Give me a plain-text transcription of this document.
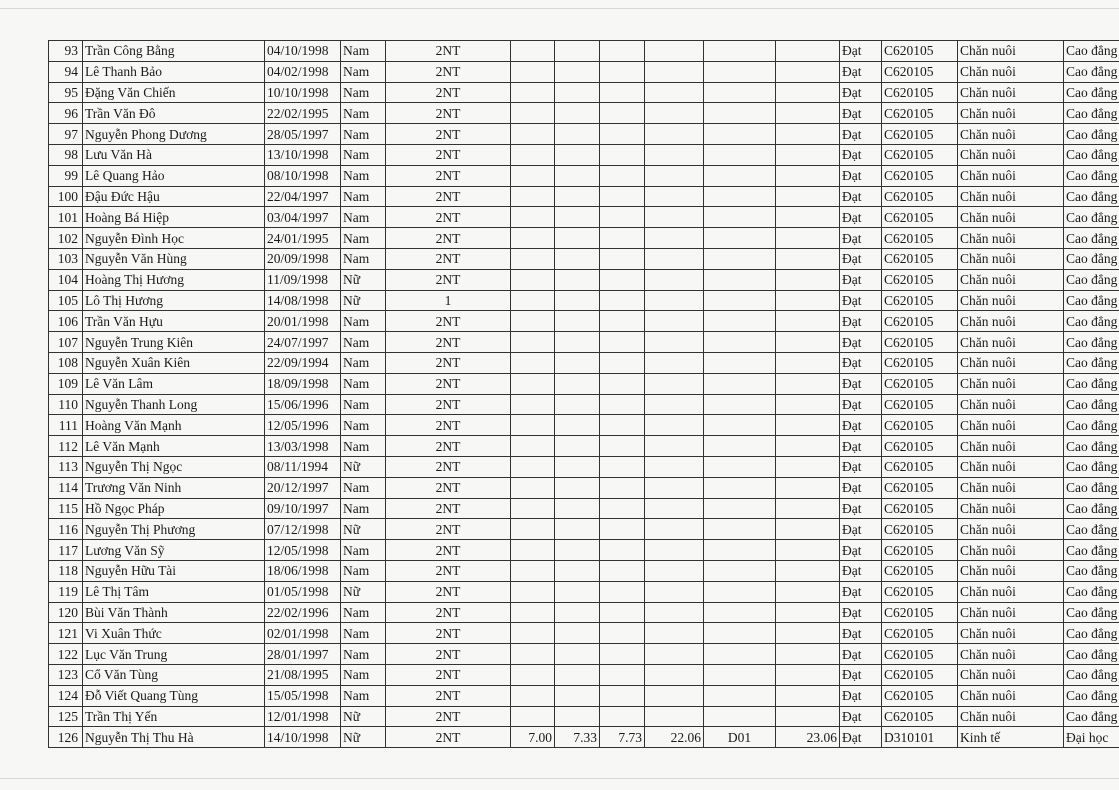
93	Trần Công Bằng	04/10/1998	Nam	2NT							Đạt	C620105	Chăn nuôi	Cao đẳng
94	Lê Thanh Bảo	04/02/1998	Nam	2NT							Đạt	C620105	Chăn nuôi	Cao đẳng
95	Đặng Văn Chiến	10/10/1998	Nam	2NT							Đạt	C620105	Chăn nuôi	Cao đẳng
96	Trần Văn Đô	22/02/1995	Nam	2NT							Đạt	C620105	Chăn nuôi	Cao đẳng
97	Nguyễn Phong Dương	28/05/1997	Nam	2NT							Đạt	C620105	Chăn nuôi	Cao đẳng
98	Lưu Văn Hà	13/10/1998	Nam	2NT							Đạt	C620105	Chăn nuôi	Cao đẳng
99	Lê Quang Hảo	08/10/1998	Nam	2NT							Đạt	C620105	Chăn nuôi	Cao đẳng
100	Đậu Đức Hậu	22/04/1997	Nam	2NT							Đạt	C620105	Chăn nuôi	Cao đẳng
101	Hoàng Bá Hiệp	03/04/1997	Nam	2NT							Đạt	C620105	Chăn nuôi	Cao đẳng
102	Nguyễn Đình Học	24/01/1995	Nam	2NT							Đạt	C620105	Chăn nuôi	Cao đẳng
103	Nguyễn Văn Hùng	20/09/1998	Nam	2NT							Đạt	C620105	Chăn nuôi	Cao đẳng
104	Hoàng Thị Hương	11/09/1998	Nữ	2NT							Đạt	C620105	Chăn nuôi	Cao đẳng
105	Lô Thị Hương	14/08/1998	Nữ	1							Đạt	C620105	Chăn nuôi	Cao đẳng
106	Trần Văn Hựu	20/01/1998	Nam	2NT							Đạt	C620105	Chăn nuôi	Cao đẳng
107	Nguyễn Trung Kiên	24/07/1997	Nam	2NT							Đạt	C620105	Chăn nuôi	Cao đẳng
108	Nguyễn Xuân Kiên	22/09/1994	Nam	2NT							Đạt	C620105	Chăn nuôi	Cao đẳng
109	Lê Văn Lâm	18/09/1998	Nam	2NT							Đạt	C620105	Chăn nuôi	Cao đẳng
110	Nguyễn Thanh Long	15/06/1996	Nam	2NT							Đạt	C620105	Chăn nuôi	Cao đẳng
111	Hoàng Văn Mạnh	12/05/1996	Nam	2NT							Đạt	C620105	Chăn nuôi	Cao đẳng
112	Lê Văn Mạnh	13/03/1998	Nam	2NT							Đạt	C620105	Chăn nuôi	Cao đẳng
113	Nguyễn Thị Ngọc	08/11/1994	Nữ	2NT							Đạt	C620105	Chăn nuôi	Cao đẳng
114	Trương Văn Ninh	20/12/1997	Nam	2NT							Đạt	C620105	Chăn nuôi	Cao đẳng
115	Hồ Ngọc Pháp	09/10/1997	Nam	2NT							Đạt	C620105	Chăn nuôi	Cao đẳng
116	Nguyễn Thị Phương	07/12/1998	Nữ	2NT							Đạt	C620105	Chăn nuôi	Cao đẳng
117	Lương Văn Sỹ	12/05/1998	Nam	2NT							Đạt	C620105	Chăn nuôi	Cao đẳng
118	Nguyễn Hữu Tài	18/06/1998	Nam	2NT							Đạt	C620105	Chăn nuôi	Cao đẳng
119	Lê Thị Tâm	01/05/1998	Nữ	2NT							Đạt	C620105	Chăn nuôi	Cao đẳng
120	Bùi Văn Thành	22/02/1996	Nam	2NT							Đạt	C620105	Chăn nuôi	Cao đẳng
121	Vi Xuân Thức	02/01/1998	Nam	2NT							Đạt	C620105	Chăn nuôi	Cao đẳng
122	Lục Văn Trung	28/01/1997	Nam	2NT							Đạt	C620105	Chăn nuôi	Cao đẳng
123	Cổ Văn Tùng	21/08/1995	Nam	2NT							Đạt	C620105	Chăn nuôi	Cao đẳng
124	Đỗ Viết Quang Tùng	15/05/1998	Nam	2NT							Đạt	C620105	Chăn nuôi	Cao đẳng
125	Trần Thị Yến	12/01/1998	Nữ	2NT							Đạt	C620105	Chăn nuôi	Cao đẳng
126	Nguyễn Thị Thu Hà	14/10/1998	Nữ	2NT	7.00	7.33	7.73	22.06	D01	23.06	Đạt	D310101	Kinh tế	Đại học
